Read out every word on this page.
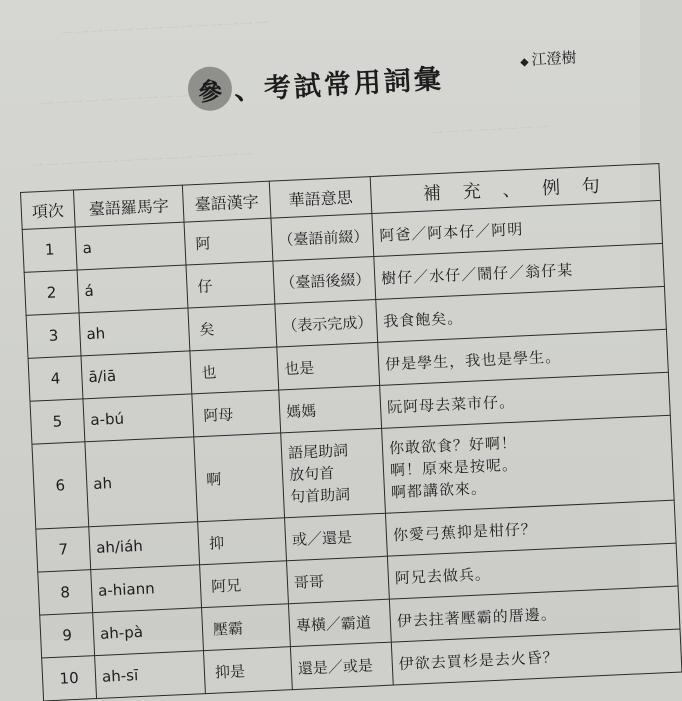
一一一一一一一一一一一一一一
一一一一一一一一一一
一一一一一一一一一一一一一一一
一一一一一一一一
參 、考試常用詞彙
◆ 江澄樹
項次	臺語羅馬字	臺語漢字	華語意思	補 充 、 例 句
1	a	阿	（臺語前綴）	阿爸／阿本仔／阿明
2	á	仔	（臺語後綴）	樹仔／水仔／鬧仔／翁仔某
3	ah	矣	（表示完成）	我食飽矣。
4	ā/iā	也	也是	伊是學生，我也是學生。
5	a-bú	阿母	媽媽	阮阿母去菜市仔。
6	ah	啊	語尾助詞
放句首
句首助詞	你敢欲食？好啊！
啊！原來是按呢。
啊都講欲來。

7	ah/iáh	抑	或／還是	你愛弓蕉抑是柑仔？
8	a-hiann	阿兄	哥哥	阿兄去做兵。
9	ah-pà	壓霸	專橫／霸道	伊去拄著壓霸的厝邊。
10	ah-sī	抑是	還是／或是	伊欲去買杉是去火昏？
